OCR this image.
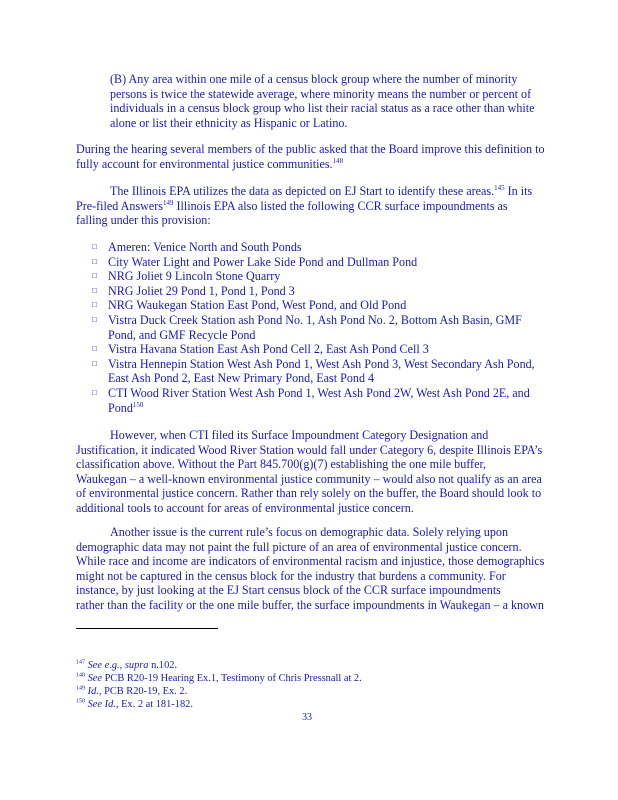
(B) Any area within one mile of a census block group where the number of minority
persons is twice the statewide average, where minority means the number or percent of
individuals in a census block group who list their racial status as a race other than white
alone or list their ethnicity as Hispanic or Latino.
During the hearing several members of the public asked that the Board improve this definition to
fully account for environmental justice communities.$^{148}$
The Illinois EPA utilizes the data as depicted on EJ Start to identify these areas.$^{145}$ In its
Pre-filed Answers$^{149}$ Illinois EPA also listed the following CCR surface impoundments as
falling under this provision:
□ Ameren: Venice North and South Ponds
□ City Water Light and Power Lake Side Pond and Dullman Pond
□ NRG Joliet 9 Lincoln Stone Quarry
□ NRG Joliet 29 Pond 1, Pond 1, Pond 3
□ NRG Waukegan Station East Pond, West Pond, and Old Pond
□ Vistra Duck Creek Station ash Pond No. 1, Ash Pond No. 2, Bottom Ash Basin, GMF
Pond, and GMF Recycle Pond
□ Vistra Havana Station East Ash Pond Cell 2, East Ash Pond Cell 3
□ Vistra Hennepin Station West Ash Pond 1, West Ash Pond 3, West Secondary Ash Pond,
East Ash Pond 2, East New Primary Pond, East Pond 4
□ CTI Wood River Station West Ash Pond 1, West Ash Pond 2W, West Ash Pond 2E, and
Pond$^{150}$
However, when CTI filed its Surface Impoundment Category Designation and
Justification, it indicated Wood River Station would fall under Category 6, despite Illinois EPA’s
classification above. Without the Part 845.700(g)(7) establishing the one mile buffer,
Waukegan – a well-known environmental justice community – would also not qualify as an area
of environmental justice concern. Rather than rely solely on the buffer, the Board should look to
additional tools to account for areas of environmental justice concern.
Another issue is the current rule’s focus on demographic data. Solely relying upon
demographic data may not paint the full picture of an area of environmental justice concern.
While race and income are indicators of environmental racism and injustice, those demographics
might not be captured in the census block for the industry that burdens a community. For
instance, by just looking at the EJ Start census block of the CCR surface impoundments
rather than the facility or the one mile buffer, the surface impoundments in Waukegan – a known
$^{147}$ See e.g., supra n.102.
$^{148}$ See PCB R20-19 Hearing Ex.1, Testimony of Chris Pressnall at 2.
$^{149}$ Id., PCB R20-19, Ex. 2.
$^{150}$ See Id., Ex. 2 at 181-182.
33
